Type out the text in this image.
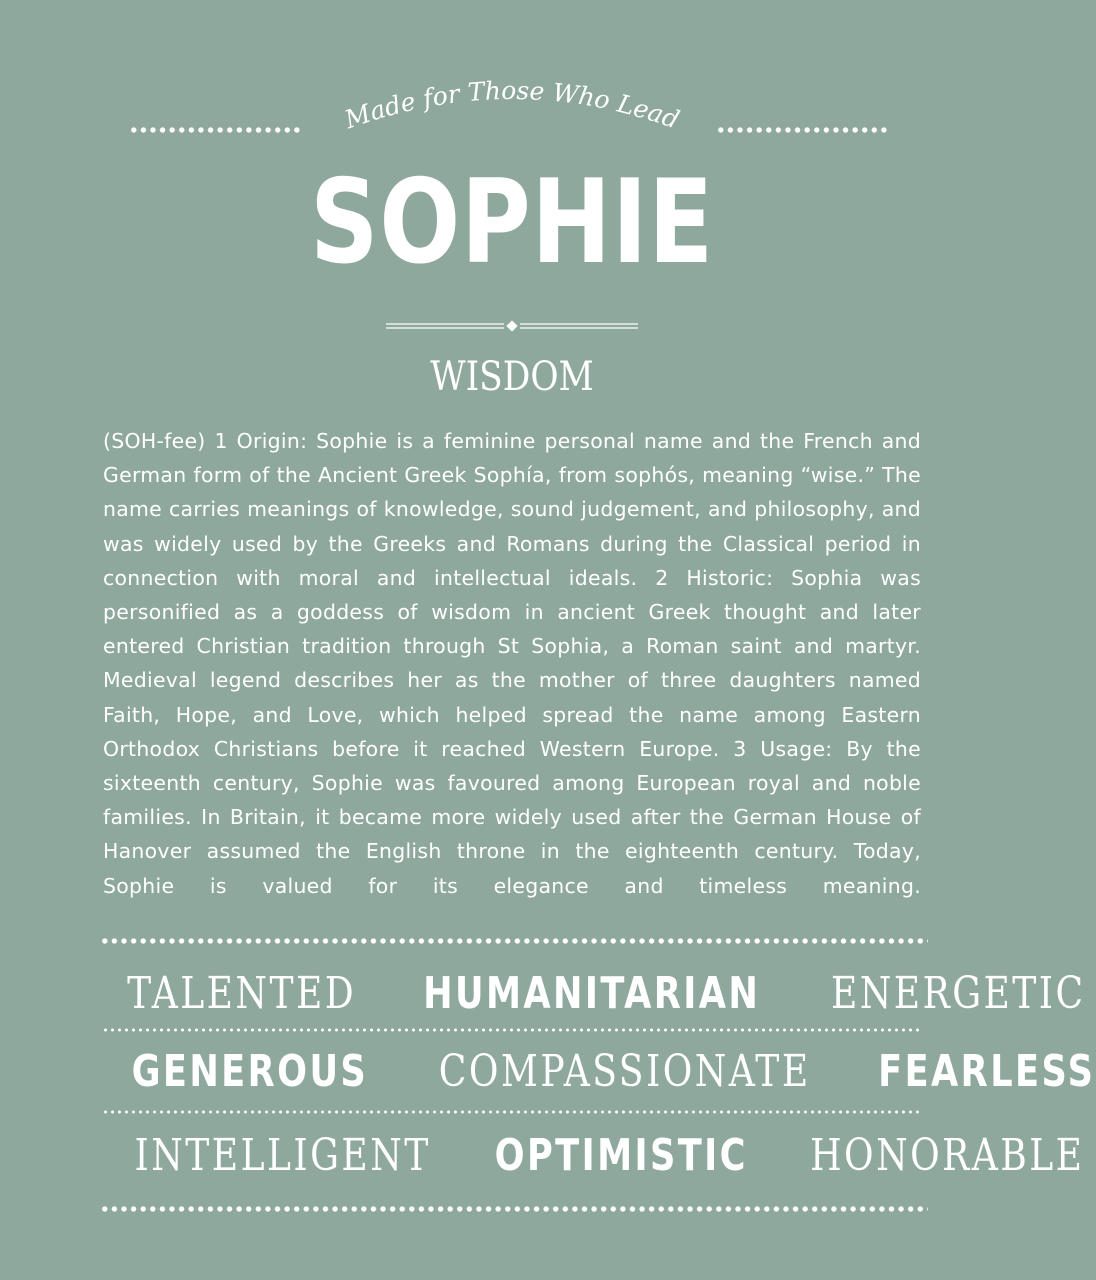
Made for Those Who Lead
SOPHIE
WISDOM
(SOH-fee) 1 Origin: Sophie is a feminine personal name and the French and German form of the Ancient Greek Sophía, from sophós, meaning “wise.” The name carries meanings of knowledge, sound judgement, and philosophy, and was widely used by the Greeks and Romans during the Classical period in connection with moral and intellectual ideals. 2 Historic: Sophia was personified as a goddess of wisdom in ancient Greek thought and later entered Christian tradition through St Sophia, a Roman saint and martyr. Medieval legend describes her as the mother of three daughters named Faith, Hope, and Love, which helped spread the name among Eastern Orthodox Christians before it reached Western Europe. 3 Usage: By the sixteenth century, Sophie was favoured among European royal and noble families. In Britain, it became more widely used after the German House of Hanover assumed the English throne in the eighteenth century. Today, Sophie is valued for its elegance and timeless meaning.
TALENTED HUMANITARIAN ENERGETIC
GENEROUS COMPASSIONATE FEARLESS
INTELLIGENT OPTIMISTIC HONORABLE
